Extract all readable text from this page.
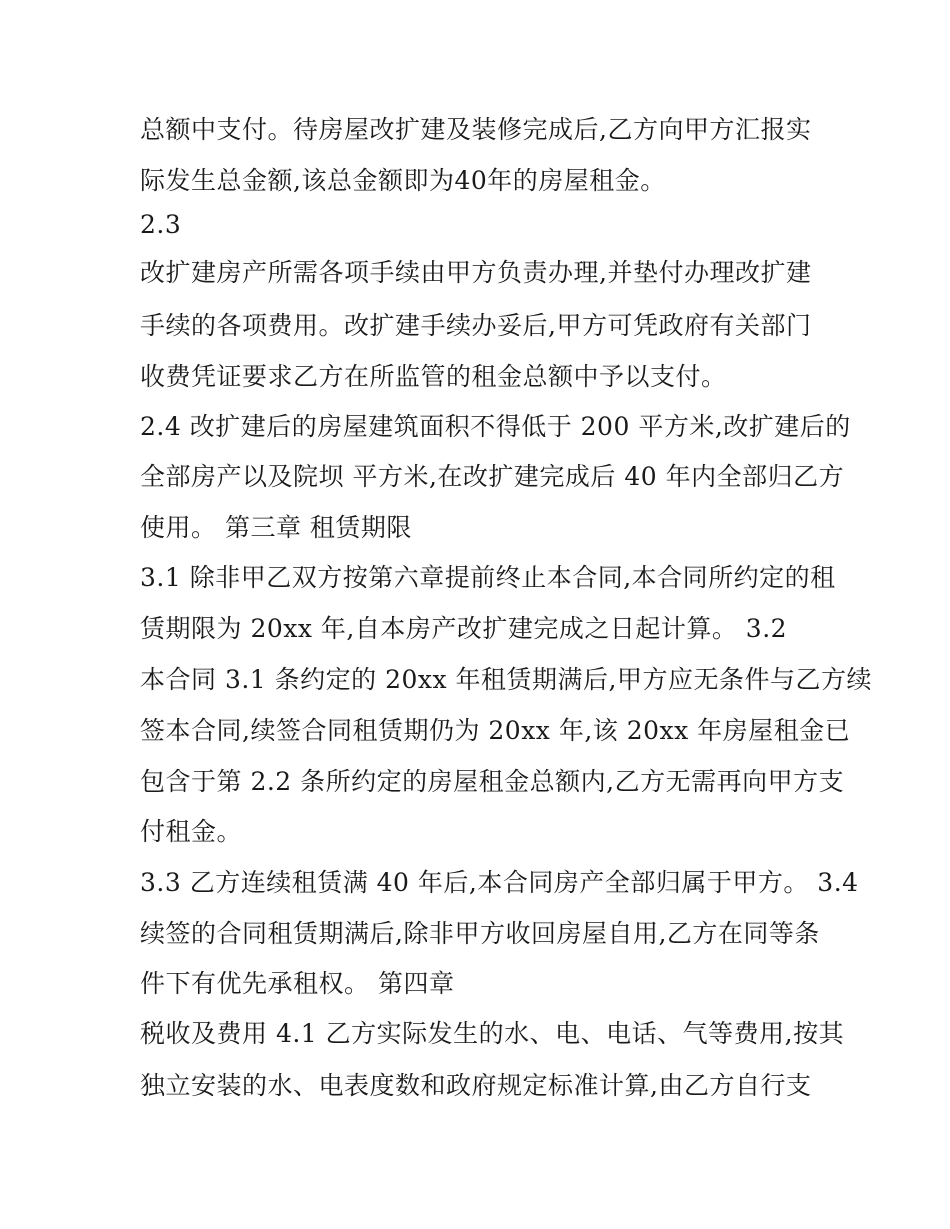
总额中支付。待房屋改扩建及装修完成后,乙方向甲方汇报实
际发生总金额,该总金额即为40年的房屋租金。
2.3
改扩建房产所需各项手续由甲方负责办理,并垫付办理改扩建
手续的各项费用。改扩建手续办妥后,甲方可凭政府有关部门
收费凭证要求乙方在所监管的租金总额中予以支付。
2.4 改扩建后的房屋建筑面积不得低于 200 平方米,改扩建后的
全部房产以及院坝 平方米,在改扩建完成后 40 年内全部归乙方
使用。 第三章 租赁期限
3.1 除非甲乙双方按第六章提前终止本合同,本合同所约定的租
赁期限为 20xx 年,自本房产改扩建完成之日起计算。 3.2
本合同 3.1 条约定的 20xx 年租赁期满后,甲方应无条件与乙方续
签本合同,续签合同租赁期仍为 20xx 年,该 20xx 年房屋租金已
包含于第 2.2 条所约定的房屋租金总额内,乙方无需再向甲方支
付租金。
3.3 乙方连续租赁满 40 年后,本合同房产全部归属于甲方。 3.4
续签的合同租赁期满后,除非甲方收回房屋自用,乙方在同等条
件下有优先承租权。 第四章
税收及费用 4.1 乙方实际发生的水、电、电话、气等费用,按其
独立安装的水、电表度数和政府规定标准计算,由乙方自行支
